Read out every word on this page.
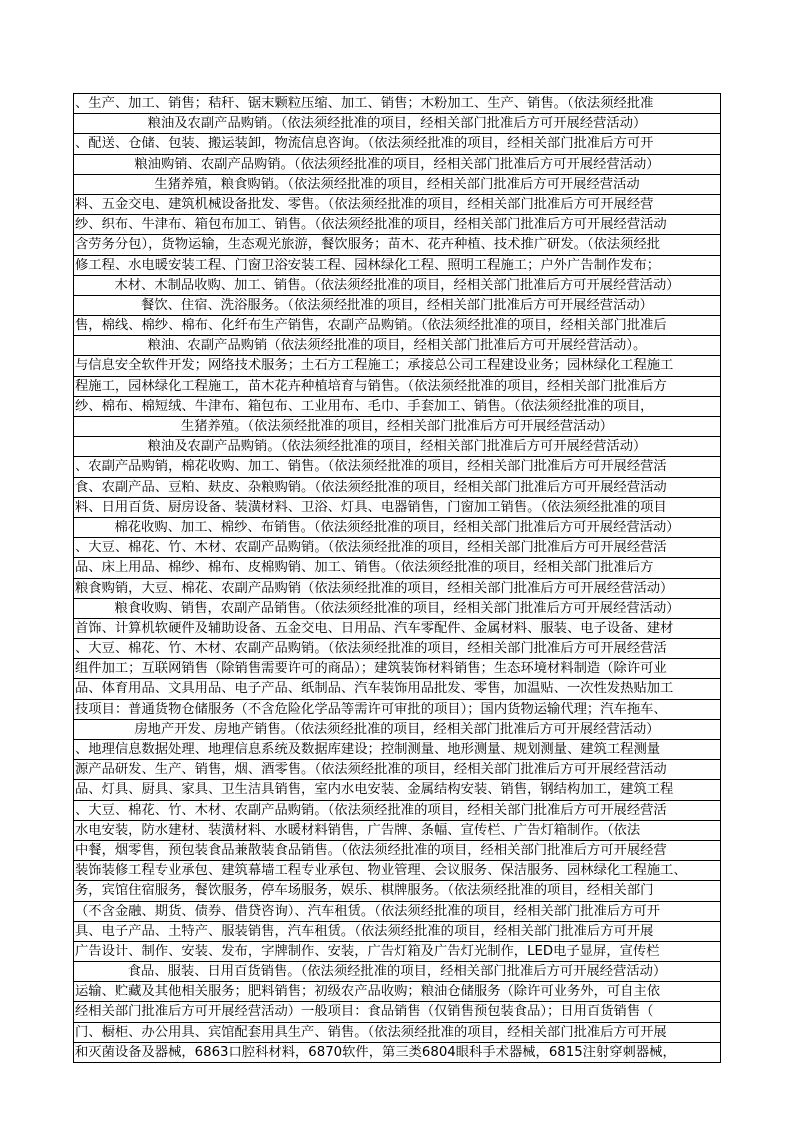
、生产、加工、销售；秸秆、锯末颗粒压缩、加工、销售；木粉加工、生产、销售。（依法须经批准
粮油及农副产品购销。（依法须经批准的项目，经相关部门批准后方可开展经营活动）
、配送、仓储、包装、搬运装卸，物流信息咨询。（依法须经批准的项目，经相关部门批准后方可开
粮油购销、农副产品购销。（依法须经批准的项目，经相关部门批准后方可开展经营活动）
生猪养殖，粮食购销。（依法须经批准的项目，经相关部门批准后方可开展经营活动
料、五金交电、建筑机械设备批发、零售。（依法须经批准的项目，经相关部门批准后方可开展经营
纱、织布、牛津布、箱包布加工、销售。（依法须经批准的项目，经相关部门批准后方可开展经营活动
含劳务分包），货物运输，生态观光旅游，餐饮服务；苗木、花卉种植、技术推广研发。（依法须经批
修工程、水电暖安装工程、门窗卫浴安装工程、园林绿化工程、照明工程施工；户外广告制作发布；
木材、木制品收购、加工、销售。（依法须经批准的项目，经相关部门批准后方可开展经营活动）
餐饮、住宿、洗浴服务。（依法须经批准的项目，经相关部门批准后方可开展经营活动）
售，棉线、棉纱、棉布、化纤布生产销售，农副产品购销。（依法须经批准的项目，经相关部门批准后
粮油、农副产品购销（依法须经批准的项目，经相关部门批准后方可开展经营活动）。
与信息安全软件开发；网络技术服务；土石方工程施工；承接总公司工程建设业务；园林绿化工程施工
程施工，园林绿化工程施工，苗木花卉种植培育与销售。（依法须经批准的项目，经相关部门批准后方
纱、棉布、棉短绒、牛津布、箱包布、工业用布、毛巾、手套加工、销售。（依法须经批准的项目，
生猪养殖。（依法须经批准的项目，经相关部门批准后方可开展经营活动）
粮油及农副产品购销。（依法须经批准的项目，经相关部门批准后方可开展经营活动）
、农副产品购销，棉花收购、加工、销售。（依法须经批准的项目，经相关部门批准后方可开展经营活
食、农副产品、豆粕、麸皮、杂粮购销。（依法须经批准的项目，经相关部门批准后方可开展经营活动
料、日用百货、厨房设备、装潢材料、卫浴、灯具、电器销售，门窗加工销售。（依法须经批准的项目
棉花收购、加工、棉纱、布销售。（依法须经批准的项目，经相关部门批准后方可开展经营活动）
、大豆、棉花、竹、木材、农副产品购销。（依法须经批准的项目，经相关部门批准后方可开展经营活
品、床上用品、棉纱、棉布、皮棉购销、加工、销售。（依法须经批准的项目，经相关部门批准后方
粮食购销，大豆、棉花、农副产品购销（依法须经批准的项目，经相关部门批准后方可开展经营活动）
粮食收购、销售，农副产品销售。（依法须经批准的项目，经相关部门批准后方可开展经营活动）
首饰、计算机软硬件及辅助设备、五金交电、日用品、汽车零配件、金属材料、服装、电子设备、建材
、大豆、棉花、竹、木材、农副产品购销。（依法须经批准的项目，经相关部门批准后方可开展经营活
组件加工；互联网销售（除销售需要许可的商品）；建筑装饰材料销售；生态环境材料制造（除许可业
品、体育用品、文具用品、电子产品、纸制品、汽车装饰用品批发、零售，加温贴、一次性发热贴加工
技项目：普通货物仓储服务（不含危险化学品等需许可审批的项目）；国内货物运输代理；汽车拖车、
房地产开发、房地产销售。（依法须经批准的项目，经相关部门批准后方可开展经营活动）
、地理信息数据处理、地理信息系统及数据库建设；控制测量、地形测量、规划测量、建筑工程测量
源产品研发、生产、销售，烟、酒零售。（依法须经批准的项目，经相关部门批准后方可开展经营活动
品、灯具、厨具、家具、卫生洁具销售，室内水电安装、金属结构安装、销售，钢结构加工，建筑工程
、大豆、棉花、竹、木材、农副产品购销。（依法须经批准的项目，经相关部门批准后方可开展经营活
水电安装，防水建材、装潢材料、水暖材料销售，广告牌、条幅、宣传栏、广告灯箱制作。（依法
中餐，烟零售，预包装食品兼散装食品销售。（依法须经批准的项目，经相关部门批准后方可开展经营
装饰装修工程专业承包、建筑幕墙工程专业承包、物业管理、会议服务、保洁服务、园林绿化工程施工、
务，宾馆住宿服务，餐饮服务，停车场服务，娱乐、棋牌服务。（依法须经批准的项目，经相关部门
（不含金融、期货、债券、借贷咨询）、汽车租赁。（依法须经批准的项目，经相关部门批准后方可开
具、电子产品、土特产、服装销售，汽车租赁。（依法须经批准的项目，经相关部门批准后方可开展
广告设计、制作、安装、发布，字牌制作、安装，广告灯箱及广告灯光制作，LED电子显屏，宣传栏
食品、服装、日用百货销售。（依法须经批准的项目，经相关部门批准后方可开展经营活动）
运输、贮藏及其他相关服务；肥料销售；初级农产品收购；粮油仓储服务（除许可业务外，可自主依
经相关部门批准后方可开展经营活动）一般项目：食品销售（仅销售预包装食品）；日用百货销售（
门、橱柜、办公用具、宾馆配套用具生产、销售。（依法须经批准的项目，经相关部门批准后方可开展
和灭菌设备及器械，6863口腔科材料，6870软件，第三类6804眼科手术器械，6815注射穿刺器械，
